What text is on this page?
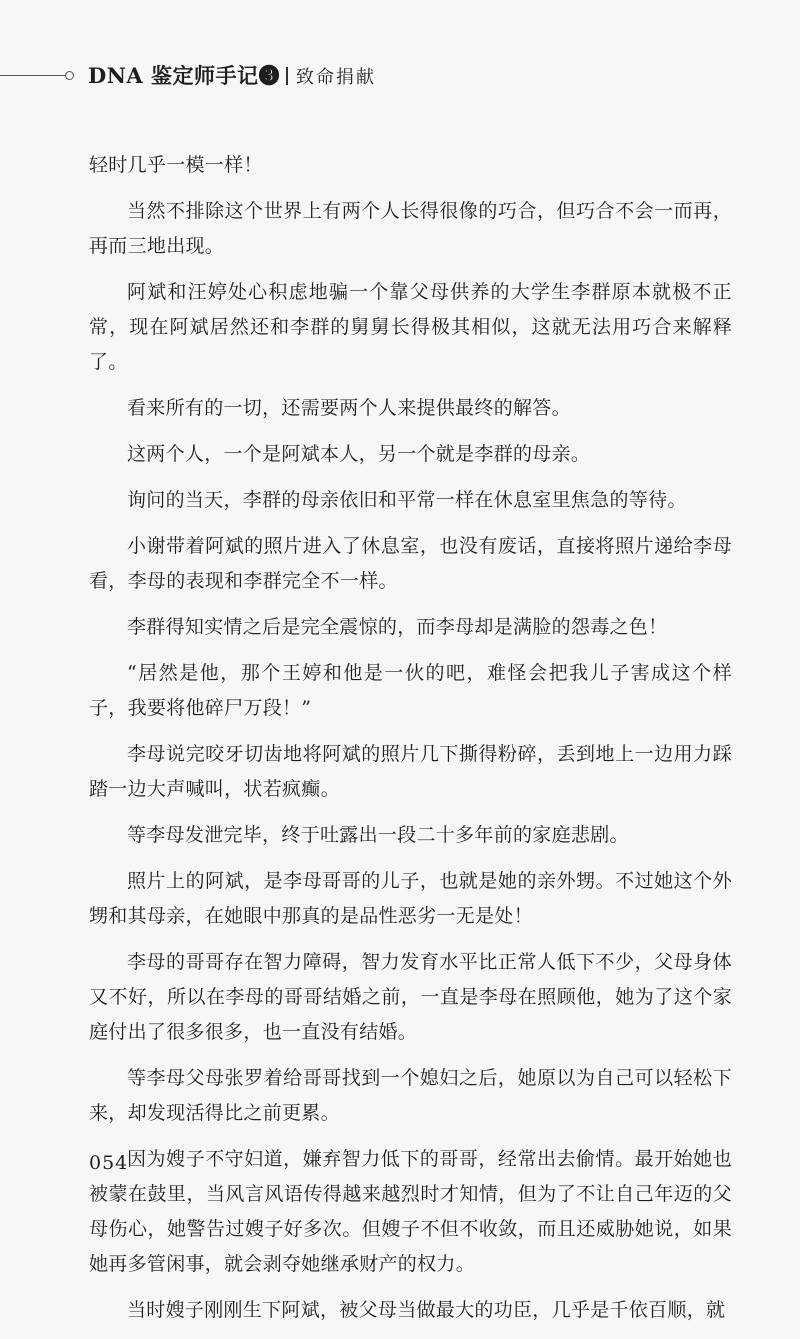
DNA 鉴定师手记❸ 致命捐献

轻时几乎一模一样！

当然不排除这个世界上有两个人长得很像的巧合，但巧合不会一而再，再而三地出现。

阿斌和汪婷处心积虑地骗一个靠父母供养的大学生李群原本就极不正常，现在阿斌居然还和李群的舅舅长得极其相似，这就无法用巧合来解释了。

看来所有的一切，还需要两个人来提供最终的解答。

这两个人，一个是阿斌本人，另一个就是李群的母亲。

询问的当天，李群的母亲依旧和平常一样在休息室里焦急的等待。

小谢带着阿斌的照片进入了休息室，也没有废话，直接将照片递给李母看，李母的表现和李群完全不一样。

李群得知实情之后是完全震惊的，而李母却是满脸的怨毒之色！

“居然是他，那个王婷和他是一伙的吧，难怪会把我儿子害成这个样子，我要将他碎尸万段！”

李母说完咬牙切齿地将阿斌的照片几下撕得粉碎，丢到地上一边用力踩踏一边大声喊叫，状若疯癫。

等李母发泄完毕，终于吐露出一段二十多年前的家庭悲剧。

照片上的阿斌，是李母哥哥的儿子，也就是她的亲外甥。不过她这个外甥和其母亲，在她眼中那真的是品性恶劣一无是处！

李母的哥哥存在智力障碍，智力发育水平比正常人低下不少，父母身体又不好，所以在李母的哥哥结婚之前，一直是李母在照顾他，她为了这个家庭付出了很多很多，也一直没有结婚。

等李母父母张罗着给哥哥找到一个媳妇之后，她原以为自己可以轻松下来，却发现活得比之前更累。

因为嫂子不守妇道，嫌弃智力低下的哥哥，经常出去偷情。最开始她也被蒙在鼓里，当风言风语传得越来越烈时才知情，但为了不让自己年迈的父母伤心，她警告过嫂子好多次。但嫂子不但不收敛，而且还威胁她说，如果她再多管闲事，就会剥夺她继承财产的权力。

当时嫂子刚刚生下阿斌，被父母当做最大的功臣，几乎是千依百顺，就

054
